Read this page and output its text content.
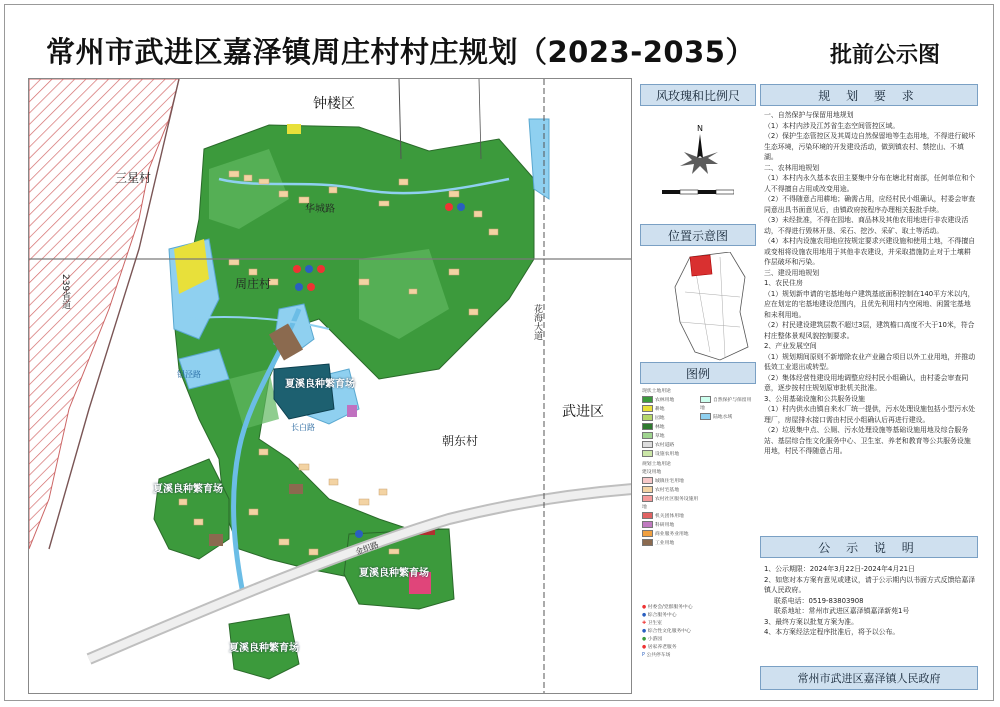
常州市武进区嘉泽镇周庄村村庄规划（2023-2035）	批前公示图
钟楼区
三星村
周庄村
华城路
武进区
朝东村
花海大道
239省道
金织路
银泾路
长白路
夏溪良种繁育场
夏溪良种繁育场
夏溪良种繁育场
夏溪良种繁育场
风玫瑰和比例尺
N
位置示意图
图例
现状土地用途
农林用地
耕地
园地
林地
草地
农村道路
设施农用地
规划土地用途
建设用地
城镇住宅用地
农村宅基地
农村社区服务设施用地
机关团体用地
科研用地
商业服务业用地
工业用地
自然保护与保留用地
陆地水域
● 村委会/党群服务中心
● 综合服务中心
✚ 卫生室
● 综合性文化服务中心
● 小游园
● 居家养老服务
P 公共停车场
规 划 要 求

一、自然保护与保留用地规划

（1）本村内涉及江苏省生态空间管控区域。

（2）保护生态管控区及其周边自然保留地等生态用地，不得进行破坏生态环境，污染环境的开发建设活动，做到镇农村、禁挖山、不填湖。

二、农林用地规划

（1）本村内永久基本农田主要集中分布在塘北村南部，任何单位和个人不得擅自占用或改变用途。

（2）不得随意占用耕地；确需占用，应经村民小组确认，村委会审查同意出具书面意见后，由镇政府按程序办理相关报批手续。

（3）未经批准，不得在园地、商品林及其他农用地进行非农建设活动，不得进行毁林开垦、采石、挖沙、采矿、取土等活动。

（4）本村内设施农用地应按规定要求兴建设施和使用土地，不得擅自或变相将设施农用地用于其他非农建设，并采取措施防止对于土壤耕作层破坏和污染。

三、建设用地规划

1、农民住房

（1）规划新申请的宅基地每户建筑基底面积控制在140平方米以内，应在划定的宅基地建设范围内，且优先利用村内空闲地、闲置宅基地和未利用地。

（2）村民建设建筑层数不超过3层，建筑檐口高度不大于10米，符合村庄整体景观风貌控制要求。

2、产业发展空间

（1）规划期间原则不新增除农业产业融合项目以外工业用地，并推动低效工业退出或转型。

（2）集体经营性建设用地调整应经村民小组确认，由村委会审查同意，逐步按村庄规划原审批机关批准。

3、公用基础设施和公共服务设施

（1）村内供水由镇自来水厂统一提供，污水处理设施包括小型污水处理厂，房屋排水接口需由村民小组确认后再进行建设。

（2）垃圾集中点、公厕、污水处理设施等基础设施用地及综合服务站、基层综合性文化服务中心、卫生室、养老和教育等公共服务设施用地，村民不得随意占用。

公 示 说 明

1、公示期限：2024年3月22日-2024年4月21日

2、如您对本方案有意见或建议，请于公示期内以书面方式反馈给嘉泽镇人民政府。

联系电话：0519-83803908

联系地址：常州市武进区嘉泽镇嘉泽新苑1号

3、最终方案以批复方案为准。

4、本方案经法定程序批准后，将予以公布。

常州市武进区嘉泽镇人民政府
